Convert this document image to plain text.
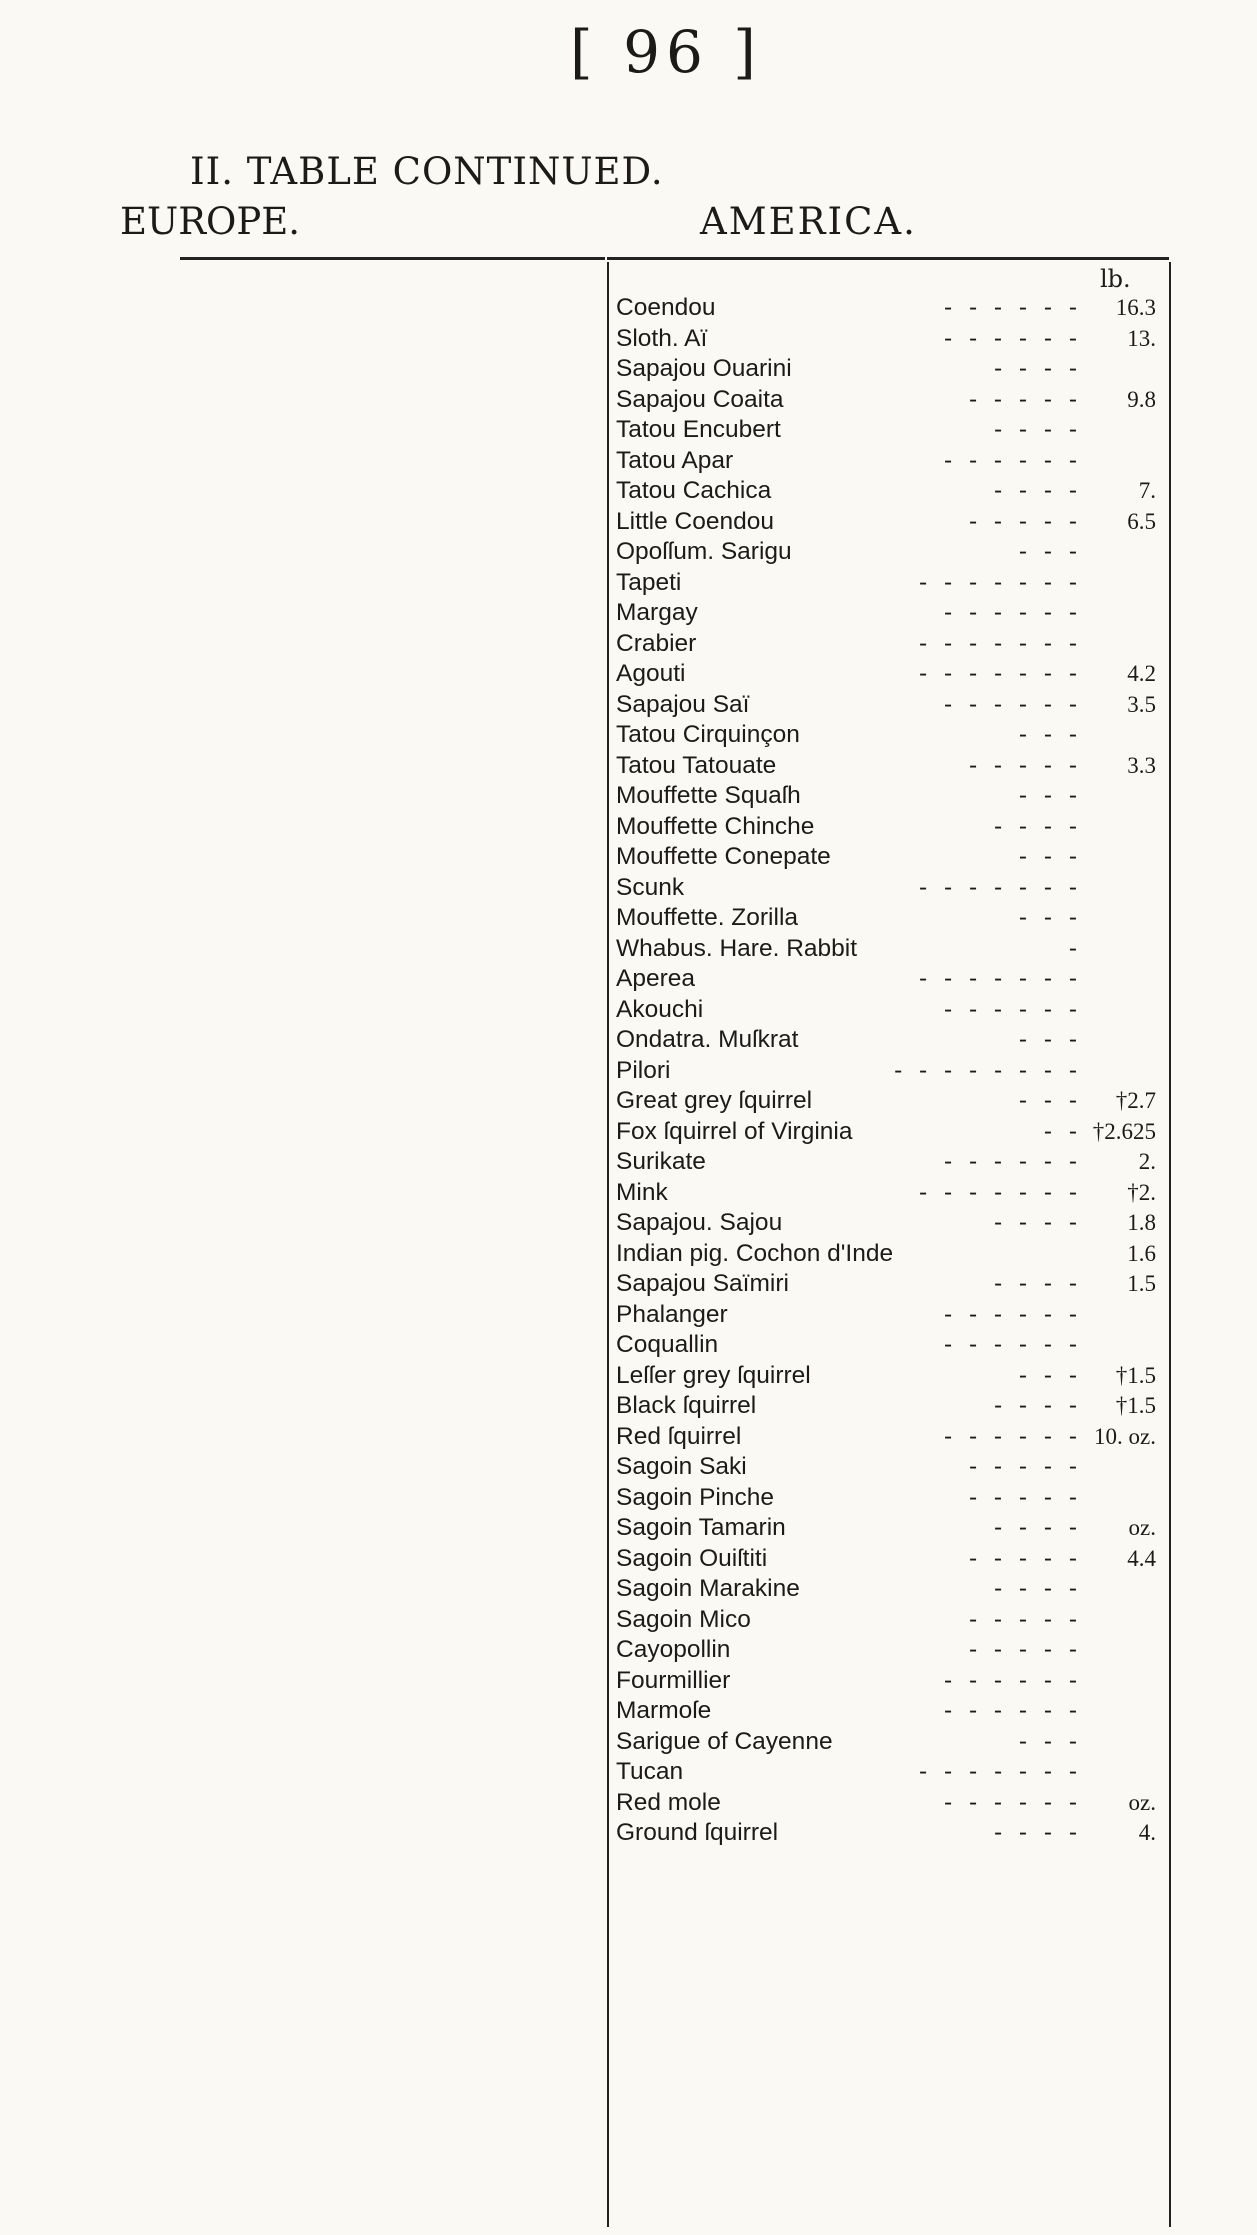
[ 96 ]
II. TABLE CONTINUED.
EUROPE.	AMERICA.
lb.
Coendou	- - - - - -	16.3
Sloth. Aï	- - - - - -	13.
Sapajou Ouarini	- - - -
Sapajou Coaita	- - - - -	9.8
Tatou Encubert	- - - -
Tatou Apar	- - - - - -
Tatou Cachica	- - - -	7.
Little Coendou	- - - - -	6.5
Opoſſum. Sarigu	- - -
Tapeti	- - - - - - -
Margay	- - - - - -
Crabier	- - - - - - -
Agouti	- - - - - - -	4.2
Sapajou Saï	- - - - - -	3.5
Tatou Cirquinçon	- - -
Tatou Tatouate	- - - - -	3.3
Mouffette Squaſh	- - -
Mouffette Chinche	- - - -
Mouffette Conepate	- - -
Scunk	- - - - - - -
Mouffette. Zorilla	- - -
Whabus. Hare. Rabbit	-
Aperea	- - - - - - -
Akouchi	- - - - - -
Ondatra. Muſkrat	- - -
Pilori	- - - - - - - -
Great grey ſquirrel	- - -	†2.7
Fox ſquirrel of Virginia	- - †2.625
Surikate	- - - - - -	2.
Mink	- - - - - - -	†2.
Sapajou. Sajou	- - - -	1.8
Indian pig. Cochon d'Inde	1.6
Sapajou Saïmiri	- - - -	1.5
Phalanger	- - - - - -
Coquallin	- - - - - -
Leſſer grey ſquirrel	- - -	†1.5
Black ſquirrel	- - - -	†1.5
Red ſquirrel	- - - - - - 10. oz.
Sagoin Saki	- - - - -
Sagoin Pinche	- - - - -
Sagoin Tamarin	- - - -	oz.
Sagoin Ouiſtiti	- - - - -	4.4
Sagoin Marakine	- - - -
Sagoin Mico	- - - - -
Cayopollin	- - - - -
Fourmillier	- - - - - -
Marmoſe	- - - - - -
Sarigue of Cayenne	- - -
Tucan	- - - - - - -
Red mole	- - - - - -	oz.
Ground ſquirrel	- - - -	4.
